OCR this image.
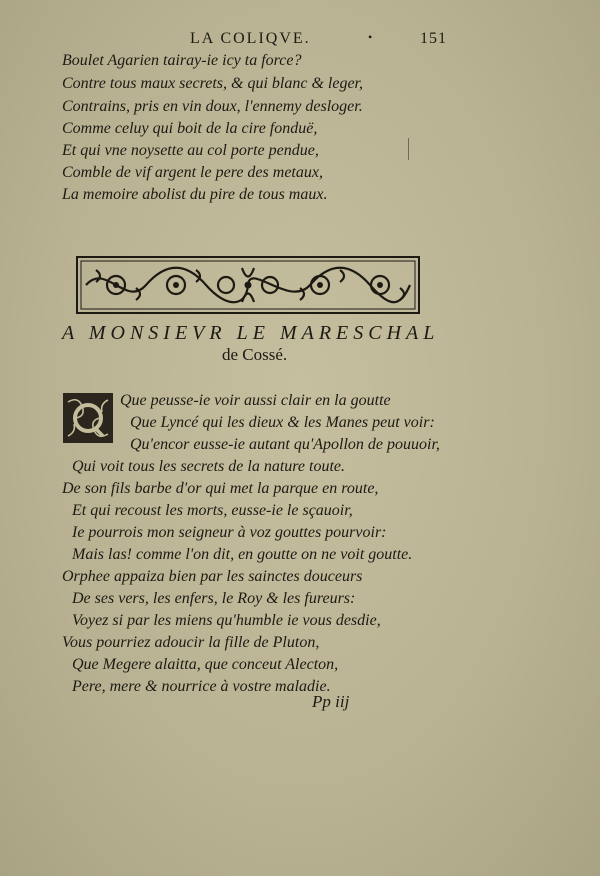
LA COLIQVE.	•	151
Boulet Agarien tairay-ie icy ta force?
Contre tous maux secrets, & qui blanc & leger,
Contrains, pris en vin doux, l'ennemy desloger.
Comme celuy qui boit de la cire fonduë,
Et qui vne noysette au col porte pendue,
Comble de vif argent le pere des metaux,
La memoire abolist du pire de tous maux.
A MONSIEVR LE MARESCHAL
de Cossé.
Que peusse-ie voir aussi clair en la goutte
Que Lyncé qui les dieux & les Manes peut voir:
Qu'encor eusse-ie autant qu'Apollon de pouuoir,
Qui voit tous les secrets de la nature toute.
De son fils barbe d'or qui met la parque en route,
Et qui recoust les morts, eusse-ie le sçauoir,
Ie pourrois mon seigneur à voz gouttes pourvoir:
Mais las! comme l'on dit, en goutte on ne voit goutte.
Orphee appaiza bien par les sainctes douceurs
De ses vers, les enfers, le Roy & les fureurs:
Voyez si par les miens qu'humble ie vous desdie,
Vous pourriez adoucir la fille de Pluton,
Que Megere alaitta, que conceut Alecton,
Pere, mere & nourrice à vostre maladie.
Pp iij
